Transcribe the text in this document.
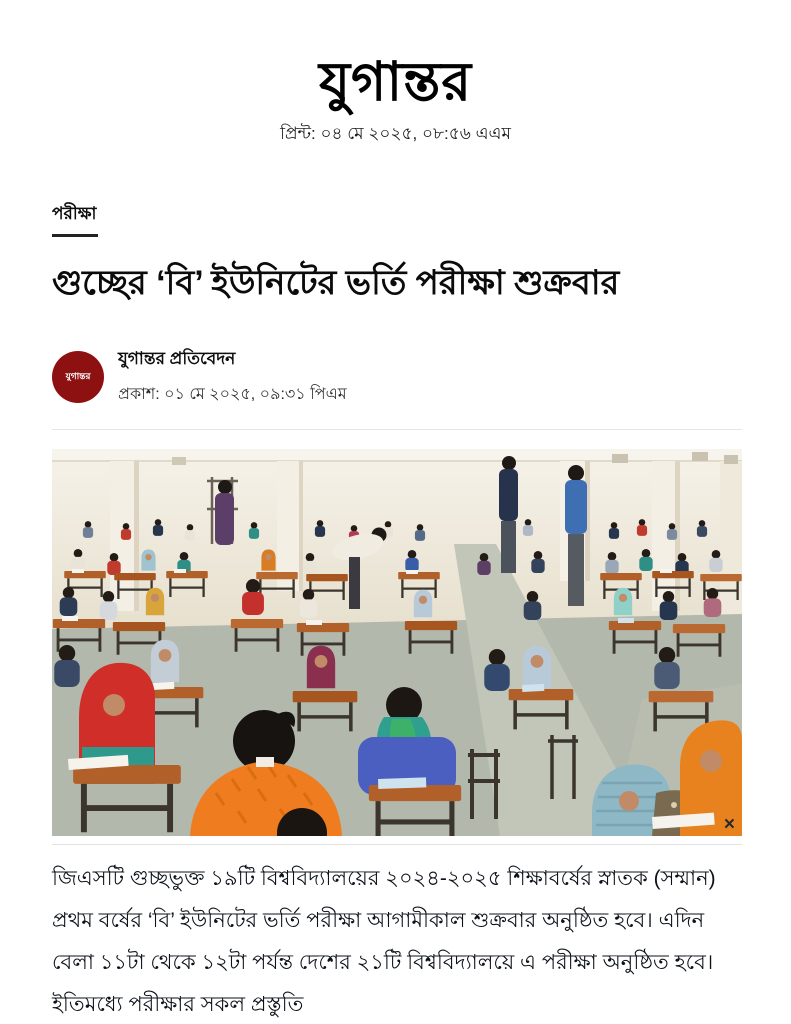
যুগান্তর
প্রিন্ট: ০৪ মে ২০২৫, ০৮:৫৬ এএম
পরীক্ষা
গুচ্ছের ‘বি’ ইউনিটের ভর্তি পরীক্ষা শুক্রবার
যুগান্তর
যুগান্তর প্রতিবেদন
প্রকাশ: ০১ মে ২০২৫, ০৯:৩১ পিএম
×

জিএসটি গুচ্ছভুক্ত ১৯টি বিশ্ববিদ্যালয়ের ২০২৪-২০২৫ শিক্ষাবর্ষের স্নাতক (সম্মান) প্রথম বর্ষের ‘বি’ ইউনিটের ভর্তি পরীক্ষা আগামীকাল শুক্রবার অনুষ্ঠিত হবে। এদিন বেলা ১১টা থেকে ১২টা পর্যন্ত দেশের ২১টি বিশ্ববিদ্যালয়ে এ পরীক্ষা অনুষ্ঠিত হবে। ইতিমধ্যে পরীক্ষার সকল প্রস্তুতি
